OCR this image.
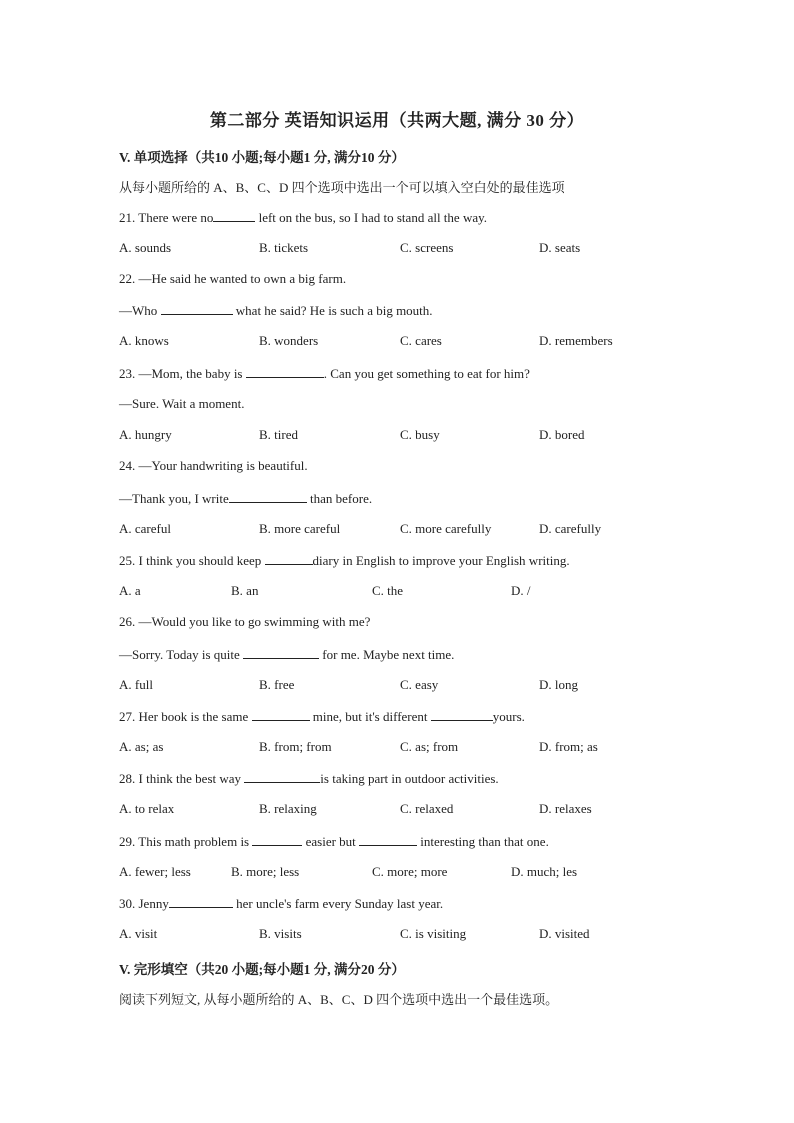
第二部分 英语知识运用（共两大题, 满分 30 分）
V. 单项选择（共10 小题;每小题1 分, 满分10 分）
从每小题所给的 A、B、C、D 四个选项中选出一个可以填入空白处的最佳选项
21. There were no	left on the bus, so I had to stand all the way.
A. sounds	B. tickets	C. screens	D. seats
22. —He said he wanted to own a big farm.
—Who	what he said? He is such a big mouth.
A. knows	B. wonders	C. cares	D. remembers
23. —Mom, the baby is	. Can you get something to eat for him?
—Sure. Wait a moment.
A. hungry	B. tired	C. busy	D. bored
24. —Your handwriting is beautiful.
—Thank you, I write	than before.
A. careful	B. more careful	C. more carefully	D. carefully
25. I think you should keep	diary in English to improve your English writing.
A. a	B. an	C. the	D. /
26. —Would you like to go swimming with me?
—Sorry. Today is quite	for me. Maybe next time.
A. full	B. free	C. easy	D. long
27. Her book is the same	mine, but it's different	yours.
A. as; as	B. from; from	C. as; from	D. from; as
28. I think the best way	is taking part in outdoor activities.
A. to relax	B. relaxing	C. relaxed	D. relaxes
29. This math problem is	easier but	interesting than that one.
A. fewer; less	B. more; less	C. more; more	D. much; les
30. Jenny	her uncle's farm every Sunday last year.
A. visit	B. visits	C. is visiting	D. visited
V. 完形填空（共20 小题;每小题1 分, 满分20 分）
阅读下列短文, 从每小题所给的 A、B、C、D 四个选项中选出一个最佳选项。
